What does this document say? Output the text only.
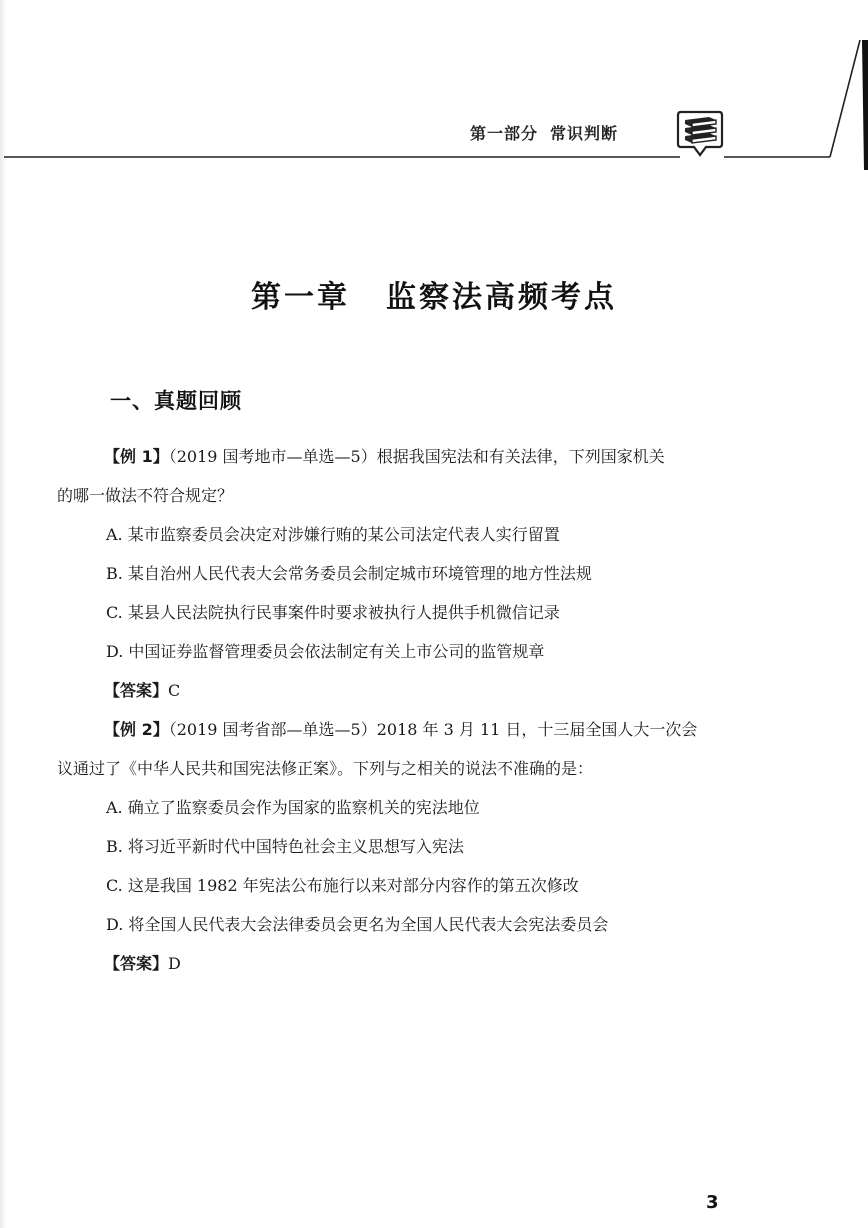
第一部分 常识判断
第一章 监察法高频考点
一、真题回顾
【例 1】（2019 国考地市—单选—5）根据我国宪法和有关法律，下列国家机关
的哪一做法不符合规定？
A. 某市监察委员会决定对涉嫌行贿的某公司法定代表人实行留置
B. 某自治州人民代表大会常务委员会制定城市环境管理的地方性法规
C. 某县人民法院执行民事案件时要求被执行人提供手机微信记录
D. 中国证券监督管理委员会依法制定有关上市公司的监管规章
【答案】C
【例 2】（2019 国考省部—单选—5）2018 年 3 月 11 日，十三届全国人大一次会
议通过了《中华人民共和国宪法修正案》。下列与之相关的说法不准确的是：
A. 确立了监察委员会作为国家的监察机关的宪法地位
B. 将习近平新时代中国特色社会主义思想写入宪法
C. 这是我国 1982 年宪法公布施行以来对部分内容作的第五次修改
D. 将全国人民代表大会法律委员会更名为全国人民代表大会宪法委员会
【答案】D
3
